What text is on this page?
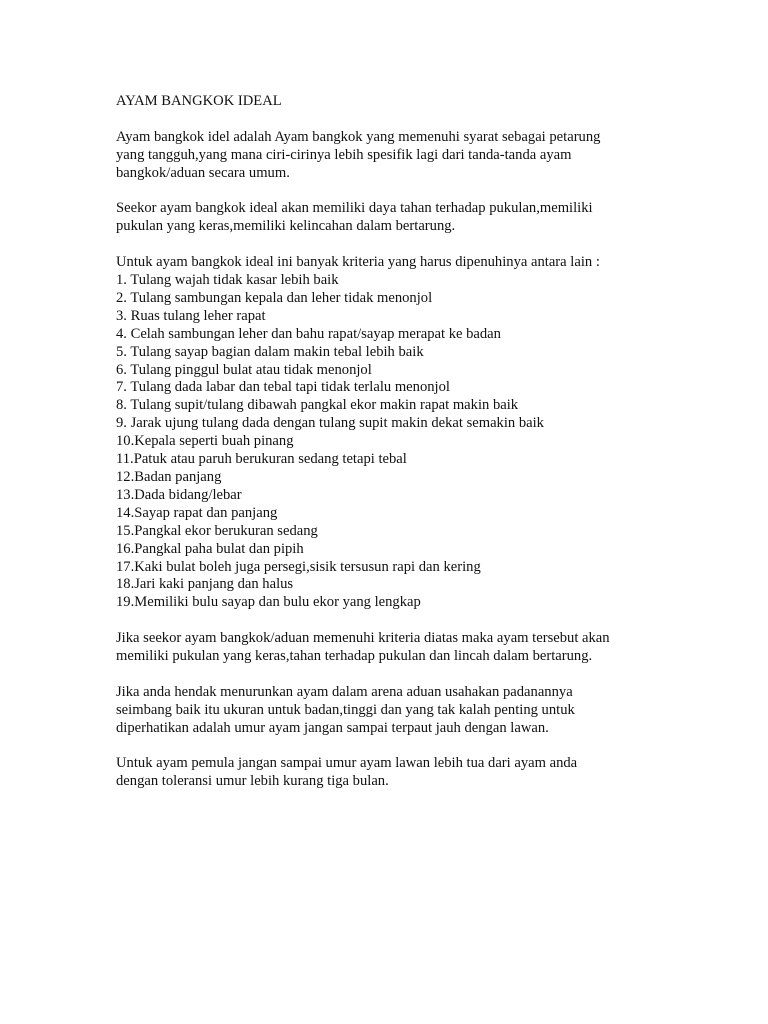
AYAM BANGKOK IDEAL

Ayam bangkok idel adalah Ayam bangkok yang memenuhi syarat sebagai petarung
yang tangguh,yang mana ciri-cirinya lebih spesifik lagi dari tanda-tanda ayam
bangkok/aduan secara umum.

Seekor ayam bangkok ideal akan memiliki daya tahan terhadap pukulan,memiliki
pukulan yang keras,memiliki kelincahan dalam bertarung.

Untuk ayam bangkok ideal ini banyak kriteria yang harus dipenuhinya antara lain :
1. Tulang wajah tidak kasar lebih baik
2. Tulang sambungan kepala dan leher tidak menonjol
3. Ruas tulang leher rapat
4. Celah sambungan leher dan bahu rapat/sayap merapat ke badan
5. Tulang sayap bagian dalam makin tebal lebih baik
6. Tulang pinggul bulat atau tidak menonjol
7. Tulang dada labar dan tebal tapi tidak terlalu menonjol
8. Tulang supit/tulang dibawah pangkal ekor makin rapat makin baik
9. Jarak ujung tulang dada dengan tulang supit makin dekat semakin baik
10.Kepala seperti buah pinang
11.Patuk atau paruh berukuran sedang tetapi tebal
12.Badan panjang
13.Dada bidang/lebar
14.Sayap rapat dan panjang
15.Pangkal ekor berukuran sedang
16.Pangkal paha bulat dan pipih
17.Kaki bulat boleh juga persegi,sisik tersusun rapi dan kering
18.Jari kaki panjang dan halus
19.Memiliki bulu sayap dan bulu ekor yang lengkap

Jika seekor ayam bangkok/aduan memenuhi kriteria diatas maka ayam tersebut akan
memiliki pukulan yang keras,tahan terhadap pukulan dan lincah dalam bertarung.

Jika anda hendak menurunkan ayam dalam arena aduan usahakan padanannya
seimbang baik itu ukuran untuk badan,tinggi dan yang tak kalah penting untuk
diperhatikan adalah umur ayam jangan sampai terpaut jauh dengan lawan.

Untuk ayam pemula jangan sampai umur ayam lawan lebih tua dari ayam anda
dengan toleransi umur lebih kurang tiga bulan.
